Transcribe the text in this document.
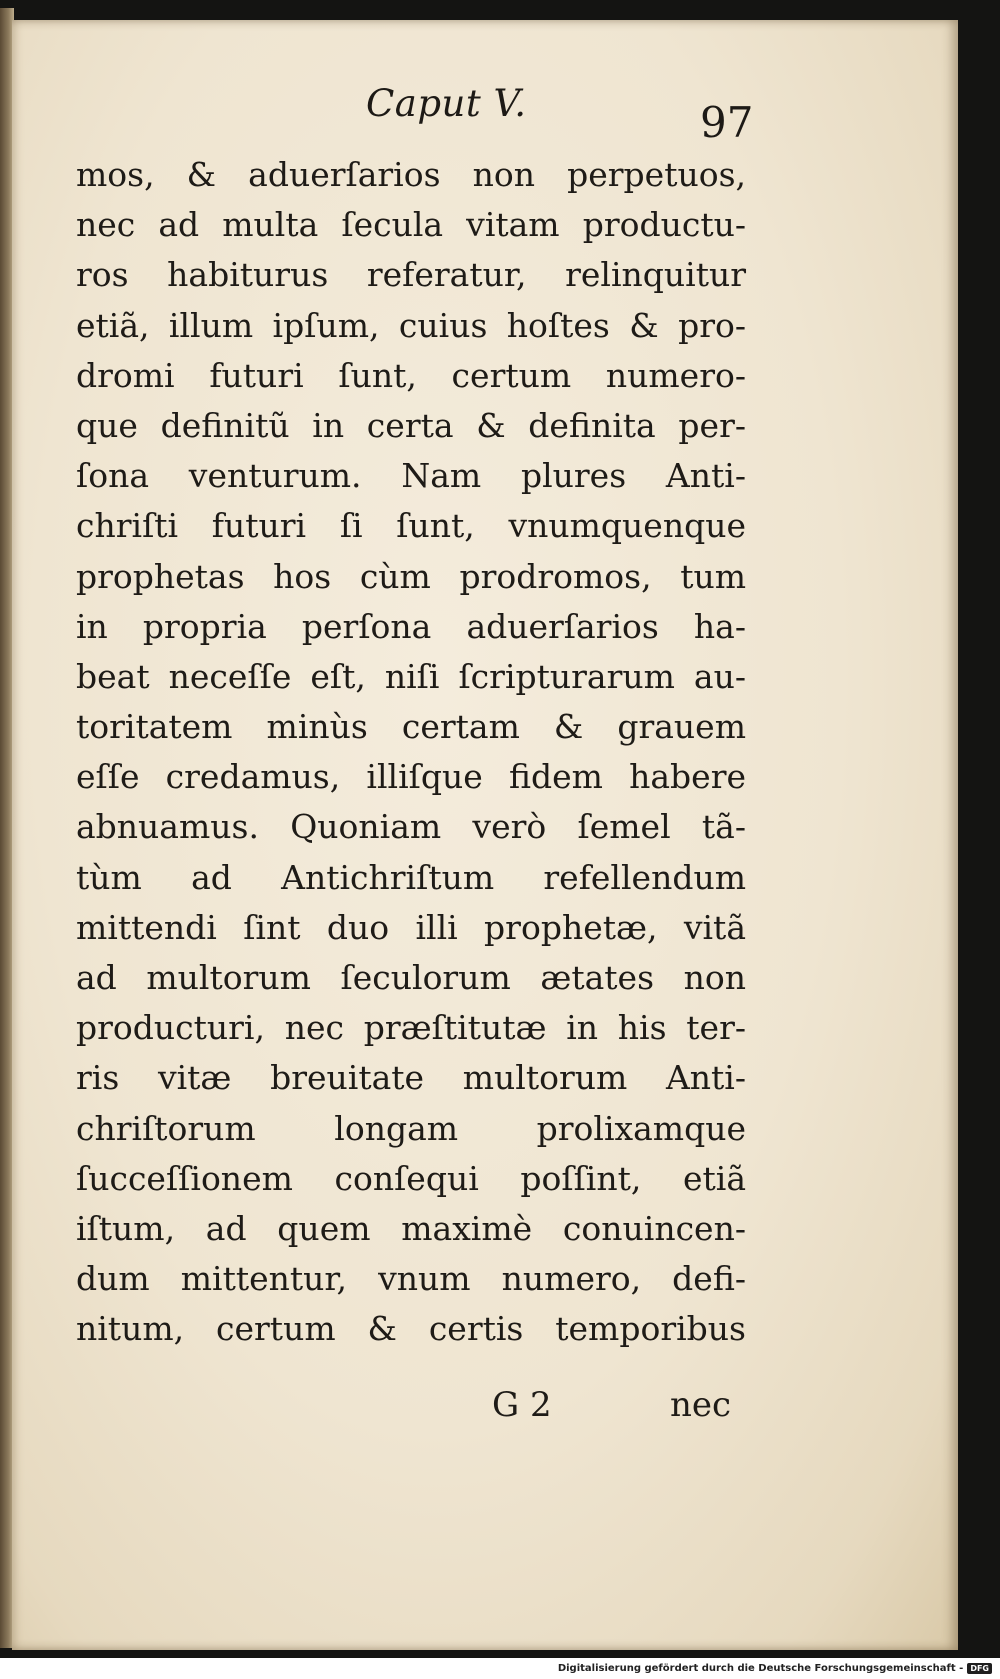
Caput V.	97
mos, & aduerſarios non perpetuos,
nec ad multa ſecula vitam productu-
ros habiturus referatur, relinquitur
etiã, illum ipſum, cuius hoſtes & pro-
dromi futuri ſunt, certum numero-
que definitũ in certa & definita per-
ſona venturum. Nam plures Anti-
chriſti futuri ſi ſunt, vnumquenque
prophetas hos cùm prodromos, tum
in propria perſona aduerſarios ha-
beat neceſſe eſt, niſi ſcripturarum au-
toritatem minùs certam & grauem
eſſe credamus, illiſque fidem habere
abnuamus. Quoniam verò ſemel tã-
tùm ad Antichriſtum refellendum
mittendi ſint duo illi prophetæ, vitã
ad multorum ſeculorum ætates non
producturi, nec præſtitutæ in his ter-
ris vitæ breuitate multorum Anti-
chriſtorum longam prolixamque
ſucceſſionem conſequi poſſint, etiã
iſtum, ad quem maximè conuincen-
dum mittentur, vnum numero, defi-
nitum, certum & certis temporibus
G 2	nec
Digitalisierung gefördert durch die Deutsche Forschungsgemeinschaft - DFG
